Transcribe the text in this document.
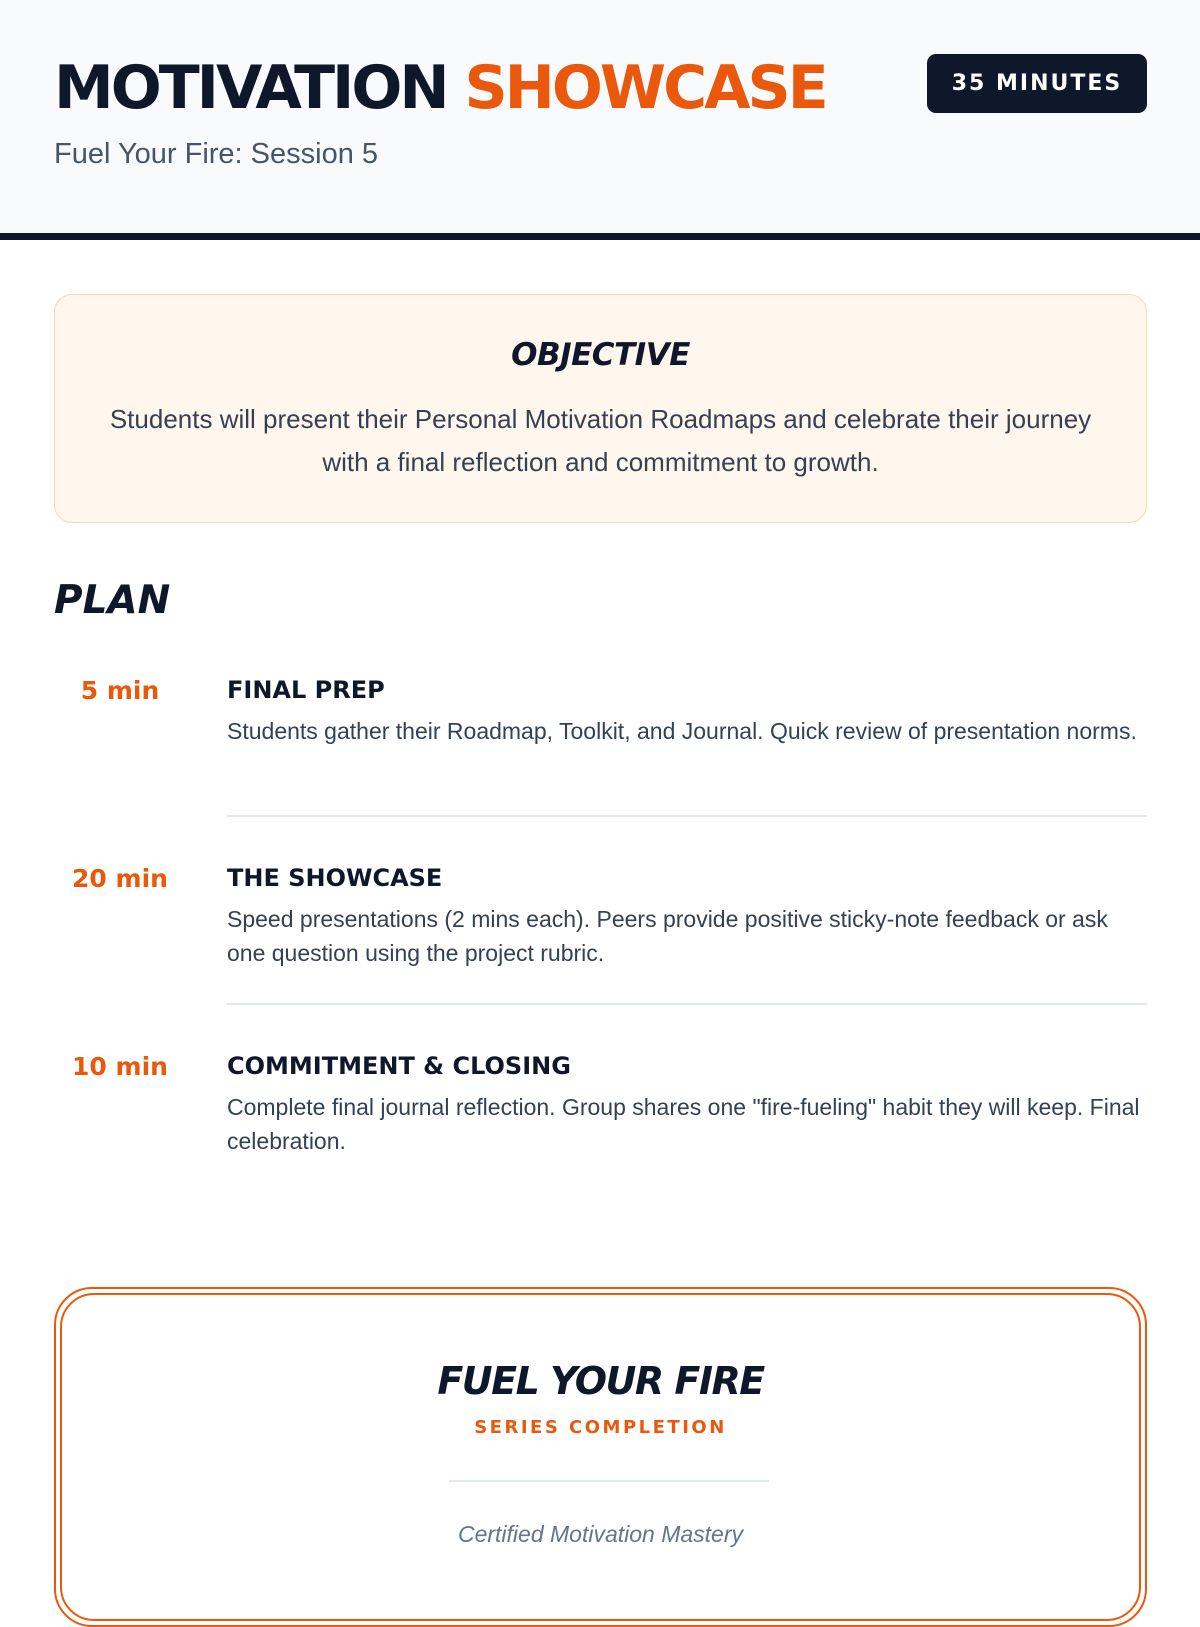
MOTIVATION SHOWCASE
Fuel Your Fire: Session 5
35 MINUTES
OBJECTIVE

Students will present their Personal Motivation Roadmaps and celebrate their journey with a final reflection and commitment to growth.

PLAN
5 min	FINAL PREP

Students gather their Roadmap, Toolkit, and Journal. Quick review of presentation norms.

20 min	THE SHOWCASE

Speed presentations (2 mins each). Peers provide positive sticky-note feedback or ask one question using the project rubric.

10 min	COMMITMENT & CLOSING

Complete final journal reflection. Group shares one "fire-fueling" habit they will keep. Final celebration.

FUEL YOUR FIRE
SERIES COMPLETION
Certified Motivation Mastery
